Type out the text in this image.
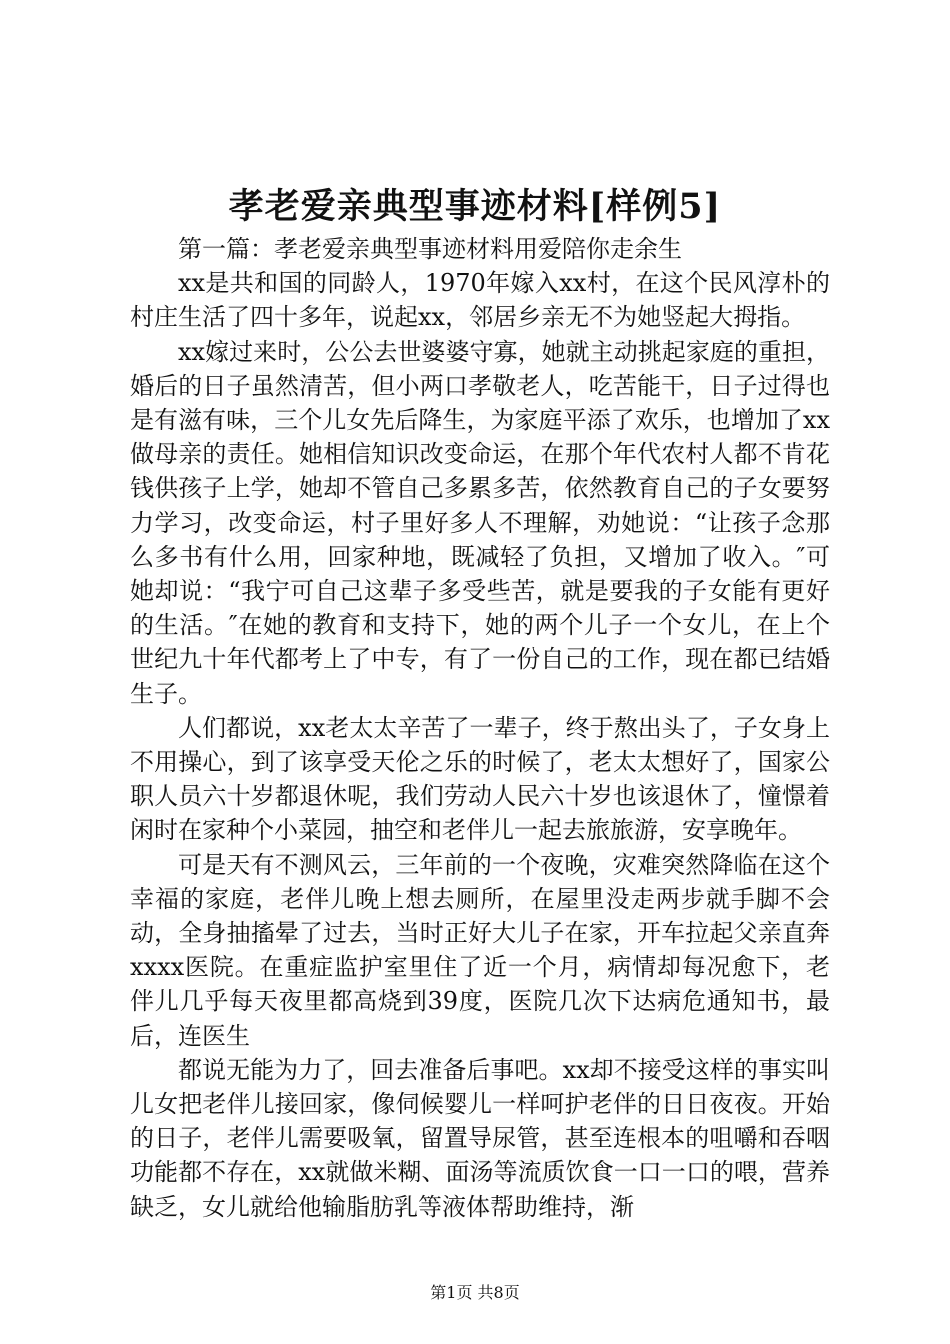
孝老爱亲典型事迹材料[样例5]

第一篇：孝老爱亲典型事迹材料用爱陪你走余生

xx是共和国的同龄人，1970年嫁入xx村，在这个民风淳朴的村庄生活了四十多年，说起xx，邻居乡亲无不为她竖起大拇指。

xx嫁过来时，公公去世婆婆守寡，她就主动挑起家庭的重担，婚后的日子虽然清苦，但小两口孝敬老人，吃苦能干，日子过得也是有滋有味，三个儿女先后降生，为家庭平添了欢乐，也增加了xx做母亲的责任。她相信知识改变命运，在那个年代农村人都不肯花钱供孩子上学，她却不管自己多累多苦，依然教育自己的子女要努力学习，改变命运，村子里好多人不理解，劝她说：“让孩子念那么多书有什么用，回家种地，既减轻了负担，又增加了收入。″可她却说：“我宁可自己这辈子多受些苦，就是要我的子女能有更好的生活。″在她的教育和支持下，她的两个儿子一个女儿，在上个世纪九十年代都考上了中专，有了一份自己的工作，现在都已结婚生子。

人们都说，xx老太太辛苦了一辈子，终于熬出头了，子女身上不用操心，到了该享受天伦之乐的时候了，老太太想好了，国家公职人员六十岁都退休呢，我们劳动人民六十岁也该退休了，憧憬着闲时在家种个小菜园，抽空和老伴儿一起去旅旅游，安享晚年。

可是天有不测风云，三年前的一个夜晚，灾难突然降临在这个幸福的家庭，老伴儿晚上想去厕所，在屋里没走两步就手脚不会动，全身抽搐晕了过去，当时正好大儿子在家，开车拉起父亲直奔xxxx医院。在重症监护室里住了近一个月，病情却每况愈下，老伴儿几乎每天夜里都高烧到39度，医院几次下达病危通知书，最后，连医生

都说无能为力了，回去准备后事吧。xx却不接受这样的事实叫儿女把老伴儿接回家，像伺候婴儿一样呵护老伴的日日夜夜。开始的日子，老伴儿需要吸氧，留置导尿管，甚至连根本的咀嚼和吞咽功能都不存在，xx就做米糊、面汤等流质饮食一口一口的喂，营养缺乏，女儿就给他输脂肪乳等液体帮助维持，渐

第1页 共8页
